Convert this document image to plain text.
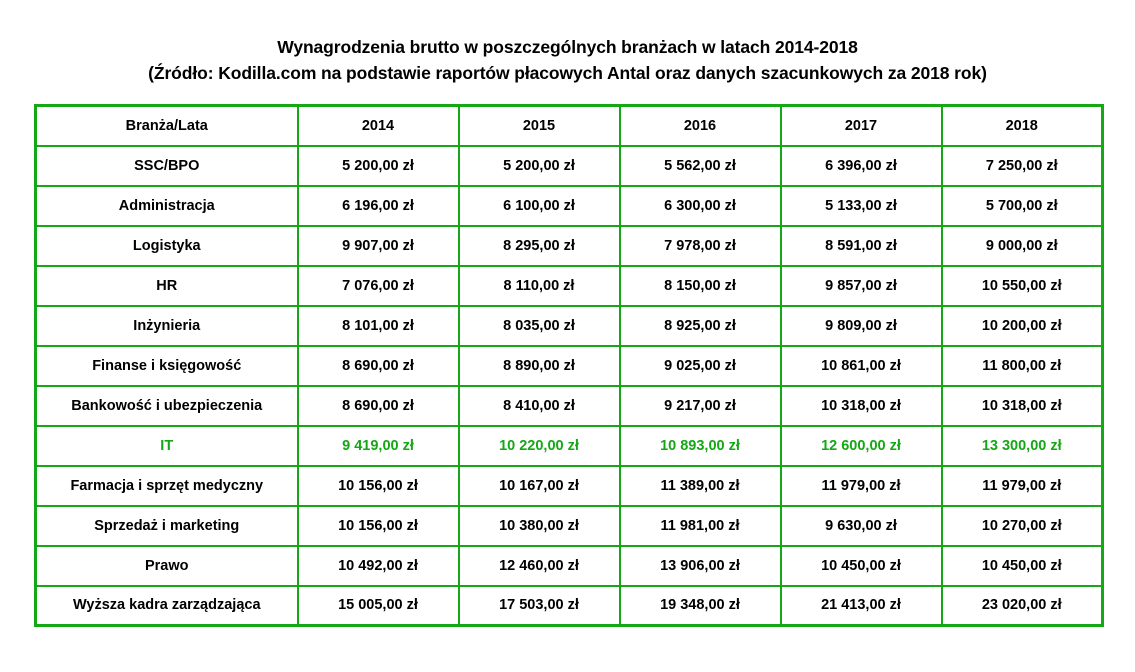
Wynagrodzenia brutto w poszczególnych branżach w latach 2014-2018
(Źródło: Kodilla.com na podstawie raportów płacowych Antal oraz danych szacunkowych za 2018 rok)
Branża/Lata	2014	2015	2016	2017	2018
SSC/BPO	5 200,00 zł	5 200,00 zł	5 562,00 zł	6 396,00 zł	7 250,00 zł
Administracja	6 196,00 zł	6 100,00 zł	6 300,00 zł	5 133,00 zł	5 700,00 zł
Logistyka	9 907,00 zł	8 295,00 zł	7 978,00 zł	8 591,00 zł	9 000,00 zł
HR	7 076,00 zł	8 110,00 zł	8 150,00 zł	9 857,00 zł	10 550,00 zł
Inżynieria	8 101,00 zł	8 035,00 zł	8 925,00 zł	9 809,00 zł	10 200,00 zł
Finanse i księgowość	8 690,00 zł	8 890,00 zł	9 025,00 zł	10 861,00 zł	11 800,00 zł
Bankowość i ubezpieczenia	8 690,00 zł	8 410,00 zł	9 217,00 zł	10 318,00 zł	10 318,00 zł
IT	9 419,00 zł	10 220,00 zł	10 893,00 zł	12 600,00 zł	13 300,00 zł
Farmacja i sprzęt medyczny	10 156,00 zł	10 167,00 zł	11 389,00 zł	11 979,00 zł	11 979,00 zł
Sprzedaż i marketing	10 156,00 zł	10 380,00 zł	11 981,00 zł	9 630,00 zł	10 270,00 zł
Prawo	10 492,00 zł	12 460,00 zł	13 906,00 zł	10 450,00 zł	10 450,00 zł
Wyższa kadra zarządzająca	15 005,00 zł	17 503,00 zł	19 348,00 zł	21 413,00 zł	23 020,00 zł
